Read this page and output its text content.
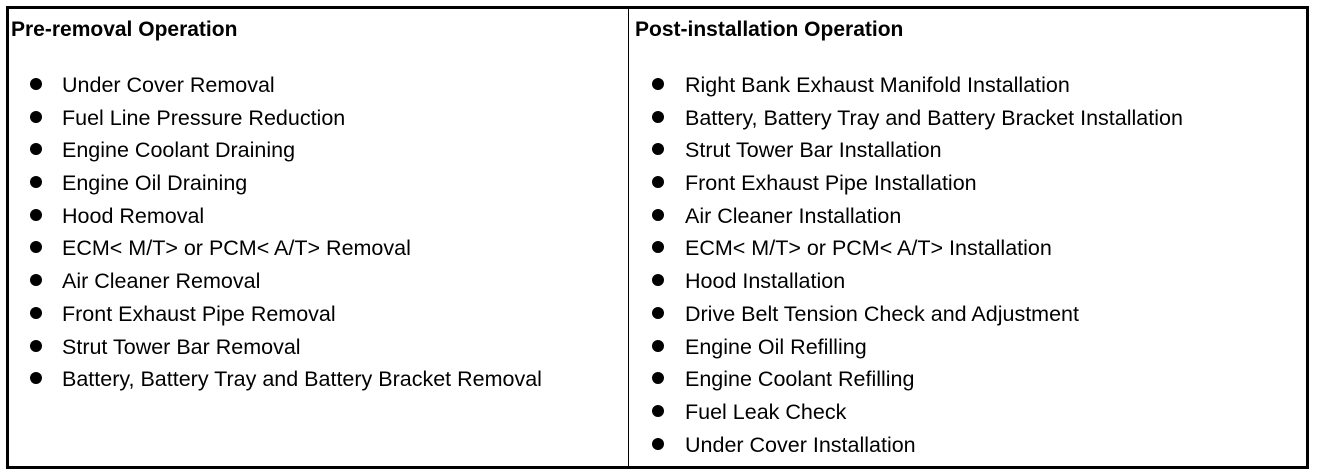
Pre-removal Operation
Under Cover Removal
Fuel Line Pressure Reduction
Engine Coolant Draining
Engine Oil Draining
Hood Removal
ECM< M/T> or PCM< A/T> Removal
Air Cleaner Removal
Front Exhaust Pipe Removal
Strut Tower Bar Removal
Battery, Battery Tray and Battery Bracket Removal
Post-installation Operation
Right Bank Exhaust Manifold Installation
Battery, Battery Tray and Battery Bracket Installation
Strut Tower Bar Installation
Front Exhaust Pipe Installation
Air Cleaner Installation
ECM< M/T> or PCM< A/T> Installation
Hood Installation
Drive Belt Tension Check and Adjustment
Engine Oil Refilling
Engine Coolant Refilling
Fuel Leak Check
Under Cover Installation
